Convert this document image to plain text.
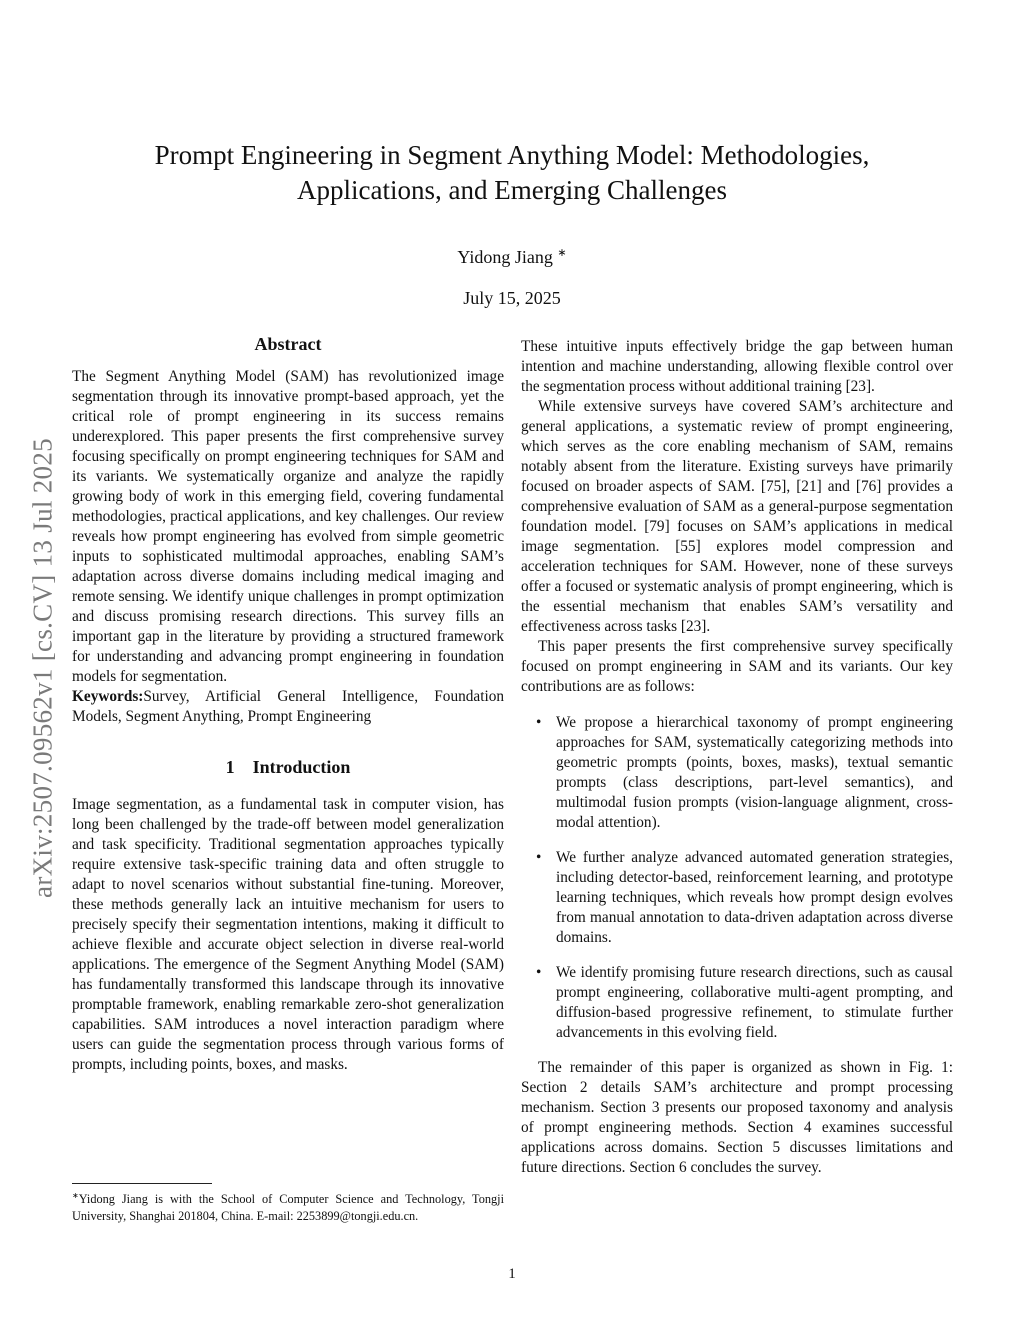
arXiv:2507.09562v1 [cs.CV] 13 Jul 2025
Prompt Engineering in Segment Anything Model: Methodologies,
Applications, and Emerging Challenges
Yidong Jiang ∗
July 15, 2025

Abstract

The Segment Anything Model (SAM) has revolutionized image segmentation through its innovative prompt-based approach, yet the critical role of prompt engineering in its success remains underexplored. This paper presents the first comprehensive survey focusing specifically on prompt engineering techniques for SAM and its variants. We systematically organize and analyze the rapidly growing body of work in this emerging field, covering fundamental methodologies, practical applications, and key challenges. Our review reveals how prompt engineering has evolved from simple geometric inputs to sophisticated multimodal approaches, enabling SAM’s adaptation across diverse domains including medical imaging and remote sensing. We identify unique challenges in prompt optimization and discuss promising research directions. This survey fills an important gap in the literature by providing a structured framework for understanding and advancing prompt engineering in foundation models for segmentation.

Keywords:Survey, Artificial General Intelligence, Foundation Models, Segment Anything, Prompt Engineering

1 Introduction

Image segmentation, as a fundamental task in computer vision, has long been challenged by the trade-off between model generalization and task specificity. Traditional segmentation approaches typically require extensive task-specific training data and often struggle to adapt to novel scenarios without substantial fine-tuning. Moreover, these methods generally lack an intuitive mechanism for users to precisely specify their segmentation intentions, making it difficult to achieve flexible and accurate object selection in diverse real-world applications. The emergence of the Segment Anything Model (SAM) has fundamentally transformed this landscape through its innovative promptable framework, enabling remarkable zero-shot generalization capabilities. SAM introduces a novel interaction paradigm where users can guide the segmentation process through various forms of prompts, including points, boxes, and masks.

These intuitive inputs effectively bridge the gap between human intention and machine understanding, allowing flexible control over the segmentation process without additional training [23].

While extensive surveys have covered SAM’s architecture and general applications, a systematic review of prompt engineering, which serves as the core enabling mechanism of SAM, remains notably absent from the literature. Existing surveys have primarily focused on broader aspects of SAM. [75], [21] and [76] provides a comprehensive evaluation of SAM as a general-purpose segmentation foundation model. [79] focuses on SAM’s applications in medical image segmentation. [55] explores model compression and acceleration techniques for SAM. However, none of these surveys offer a focused or systematic analysis of prompt engineering, which is the essential mechanism that enables SAM’s versatility and effectiveness across tasks [23].

This paper presents the first comprehensive survey specifically focused on prompt engineering in SAM and its variants. Our key contributions are as follows:

• We propose a hierarchical taxonomy of prompt engineering approaches for SAM, systematically categorizing methods into geometric prompts (points, boxes, masks), textual semantic prompts (class descriptions, part-level semantics), and multimodal fusion prompts (vision-language alignment, cross-modal attention).
• We further analyze advanced automated generation strategies, including detector-based, reinforcement learning, and prototype learning techniques, which reveals how prompt design evolves from manual annotation to data-driven adaptation across diverse domains.
• We identify promising future research directions, such as causal prompt engineering, collaborative multi-agent prompting, and diffusion-based progressive refinement, to stimulate further advancements in this evolving field.

The remainder of this paper is organized as shown in Fig. 1: Section 2 details SAM’s architecture and prompt processing mechanism. Section 3 presents our proposed taxonomy and analysis of prompt engineering methods. Section 4 examines successful applications across domains. Section 5 discusses limitations and future directions. Section 6 concludes the survey.

∗Yidong Jiang is with the School of Computer Science and Technology, Tongji University, Shanghai 201804, China. E-mail: 2253899@tongji.edu.cn.
1
